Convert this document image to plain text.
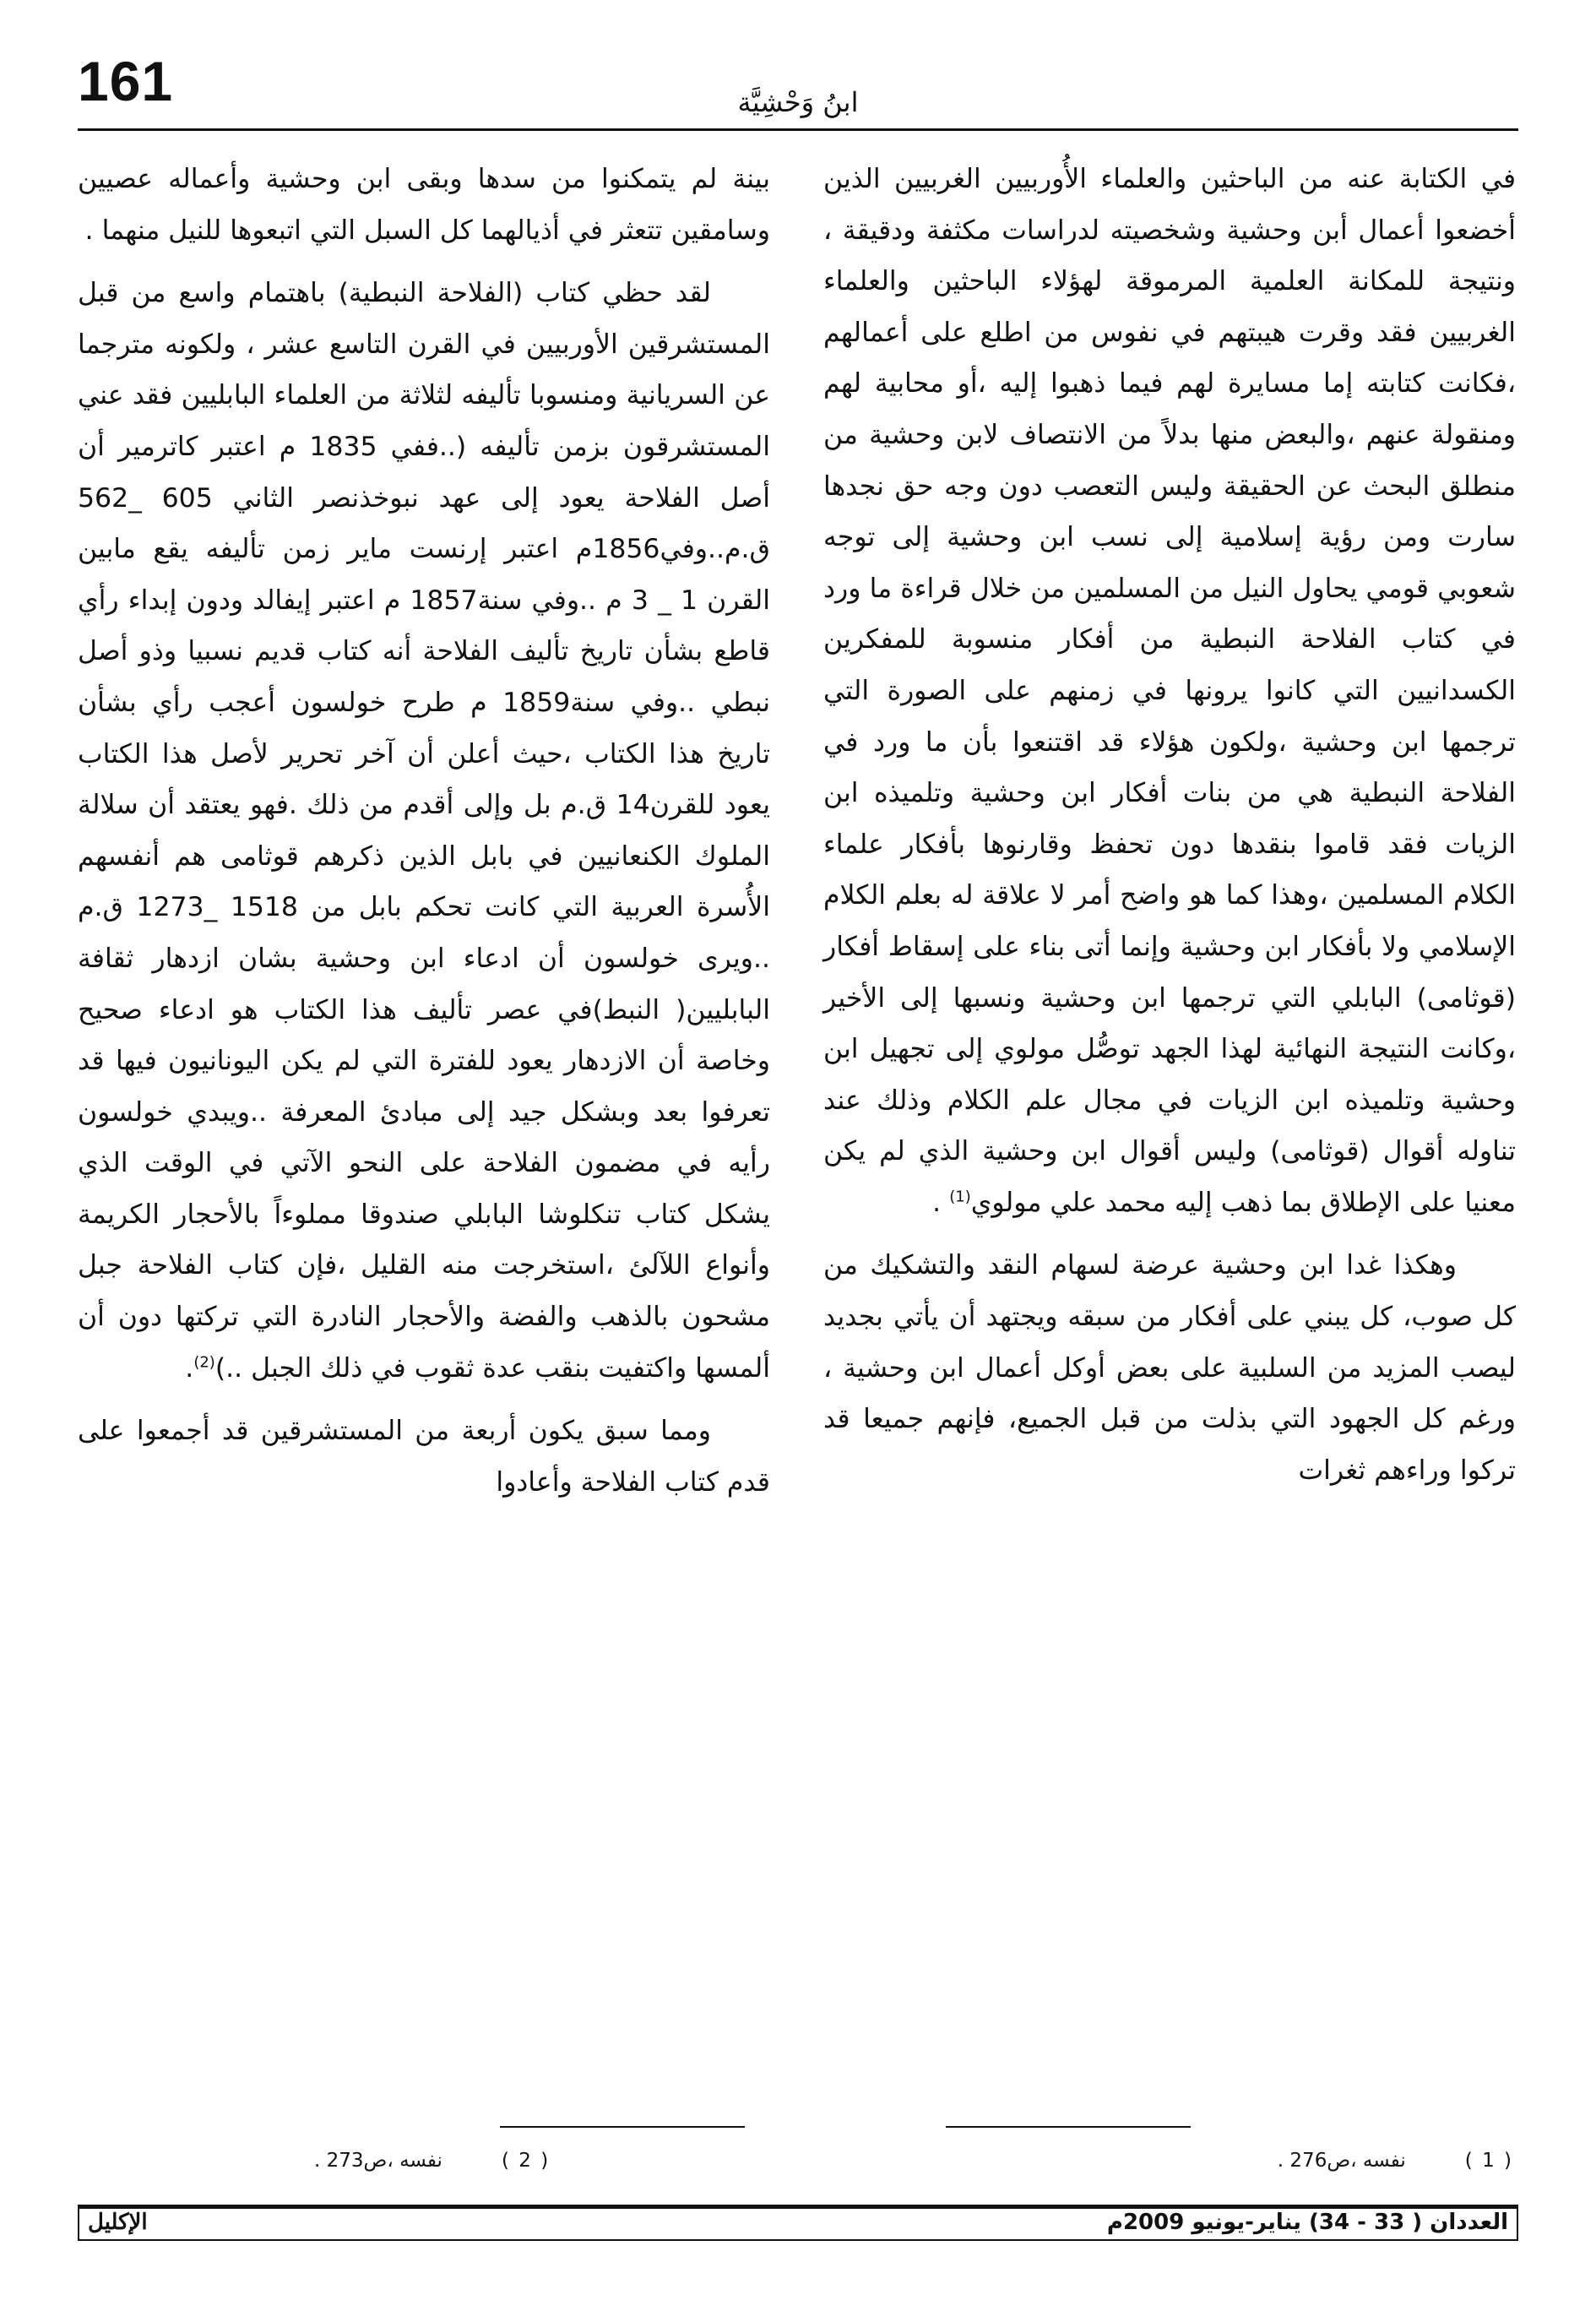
161	ابنُ وَحْشِيَّة

في الكتابة عنه من الباحثين والعلماء الأُوربيين الغربيين الذين أخضعوا أعمال أبن وحشية وشخصيته لدراسات مكثفة ودقيقة ، ونتيجة للمكانة العلمية المرموقة لهؤلاء الباحثين والعلماء الغربيين فقد وقرت هيبتهم في نفوس من اطلع على أعمالهم ،فكانت كتابته إما مسايرة لهم فيما ذهبوا إليه ،أو محابية لهم ومنقولة عنهم ،والبعض منها بدلاً من الانتصاف لابن وحشية من منطلق البحث عن الحقيقة وليس التعصب دون وجه حق نجدها سارت ومن رؤية إسلامية إلى نسب ابن وحشية إلى توجه شعوبي قومي يحاول النيل من المسلمين من خلال قراءة ما ورد في كتاب الفلاحة النبطية من أفكار منسوبة للمفكرين الكسدانيين التي كانوا يرونها في زمنهم على الصورة التي ترجمها ابن وحشية ،ولكون هؤلاء قد اقتنعوا بأن ما ورد في الفلاحة النبطية هي من بنات أفكار ابن وحشية وتلميذه ابن الزيات فقد قاموا بنقدها دون تحفظ وقارنوها بأفكار علماء الكلام المسلمين ،وهذا كما هو واضح أمر لا علاقة له بعلم الكلام الإسلامي ولا بأفكار ابن وحشية وإنما أتى بناء على إسقاط أفكار (قوثامى) البابلي التي ترجمها ابن وحشية ونسبها إلى الأخير ،وكانت النتيجة النهائية لهذا الجهد توصُّل مولوي إلى تجهيل ابن وحشية وتلميذه ابن الزيات في مجال علم الكلام وذلك عند تناوله أقوال (قوثامى) وليس أقوال ابن وحشية الذي لم يكن معنيا على الإطلاق بما ذهب إليه محمد علي مولوي$^{(1)}$ .

وهكذا غدا ابن وحشية عرضة لسهام النقد والتشكيك من كل صوب، كل يبني على أفكار من سبقه ويجتهد أن يأتي بجديد ليصب المزيد من السلبية على بعض أوكل أعمال ابن وحشية ، ورغم كل الجهود التي بذلت من قبل الجميع، فإنهم جميعا قد تركوا وراءهم ثغرات

بينة لم يتمكنوا من سدها وبقى ابن وحشية وأعماله عصيين وسامقين تتعثر في أذيالهما كل السبل التي اتبعوها للنيل منهما .

لقد حظي كتاب (الفلاحة النبطية) باهتمام واسع من قبل المستشرقين الأوربيين في القرن التاسع عشر ، ولكونه مترجما عن السريانية ومنسوبا تأليفه لثلاثة من العلماء البابليين فقد عني المستشرقون بزمن تأليفه (..ففي 1835 م اعتبر كاترمير أن أصل الفلاحة يعود إلى عهد نبوخذنصر الثاني 605 _562 ق.م..وفي1856م اعتبر إرنست ماير زمن تأليفه يقع مابين القرن 1 _ 3 م ..وفي سنة1857 م اعتبر إيفالد ودون إبداء رأي قاطع بشأن تاريخ تأليف الفلاحة أنه كتاب قديم نسبيا وذو أصل نبطي ..وفي سنة1859 م طرح خولسون أعجب رأي بشأن تاريخ هذا الكتاب ،حيث أعلن أن آخر تحرير لأصل هذا الكتاب يعود للقرن14 ق.م بل وإلى أقدم من ذلك .فهو يعتقد أن سلالة الملوك الكنعانيين في بابل الذين ذكرهم قوثامى هم أنفسهم الأُسرة العربية التي كانت تحكم بابل من 1518 _1273 ق.م ..ويرى خولسون أن ادعاء ابن وحشية بشان ازدهار ثقافة البابليين( النبط)في عصر تأليف هذا الكتاب هو ادعاء صحيح وخاصة أن الازدهار يعود للفترة التي لم يكن اليونانيون فيها قد تعرفوا بعد وبشكل جيد إلى مبادئ المعرفة ..ويبدي خولسون رأيه في مضمون الفلاحة على النحو الآتي في الوقت الذي يشكل كتاب تنكلوشا البابلي صندوقا مملوءاً بالأحجار الكريمة وأنواع اللآلئ ،استخرجت منه القليل ،فإن كتاب الفلاحة جبل مشحون بالذهب والفضة والأحجار النادرة التي تركتها دون أن ألمسها واكتفيت بنقب عدة ثقوب في ذلك الجبل ..)$^{(2)}$.

ومما سبق يكون أربعة من المستشرقين قد أجمعوا على قدم كتاب الفلاحة وأعادوا

( 1 )نفسه ،ص276 .
( 2 )نفسه ،ص273 .
العددان ( 33 - 34) يناير-يونيو 2009م
الإكليل
